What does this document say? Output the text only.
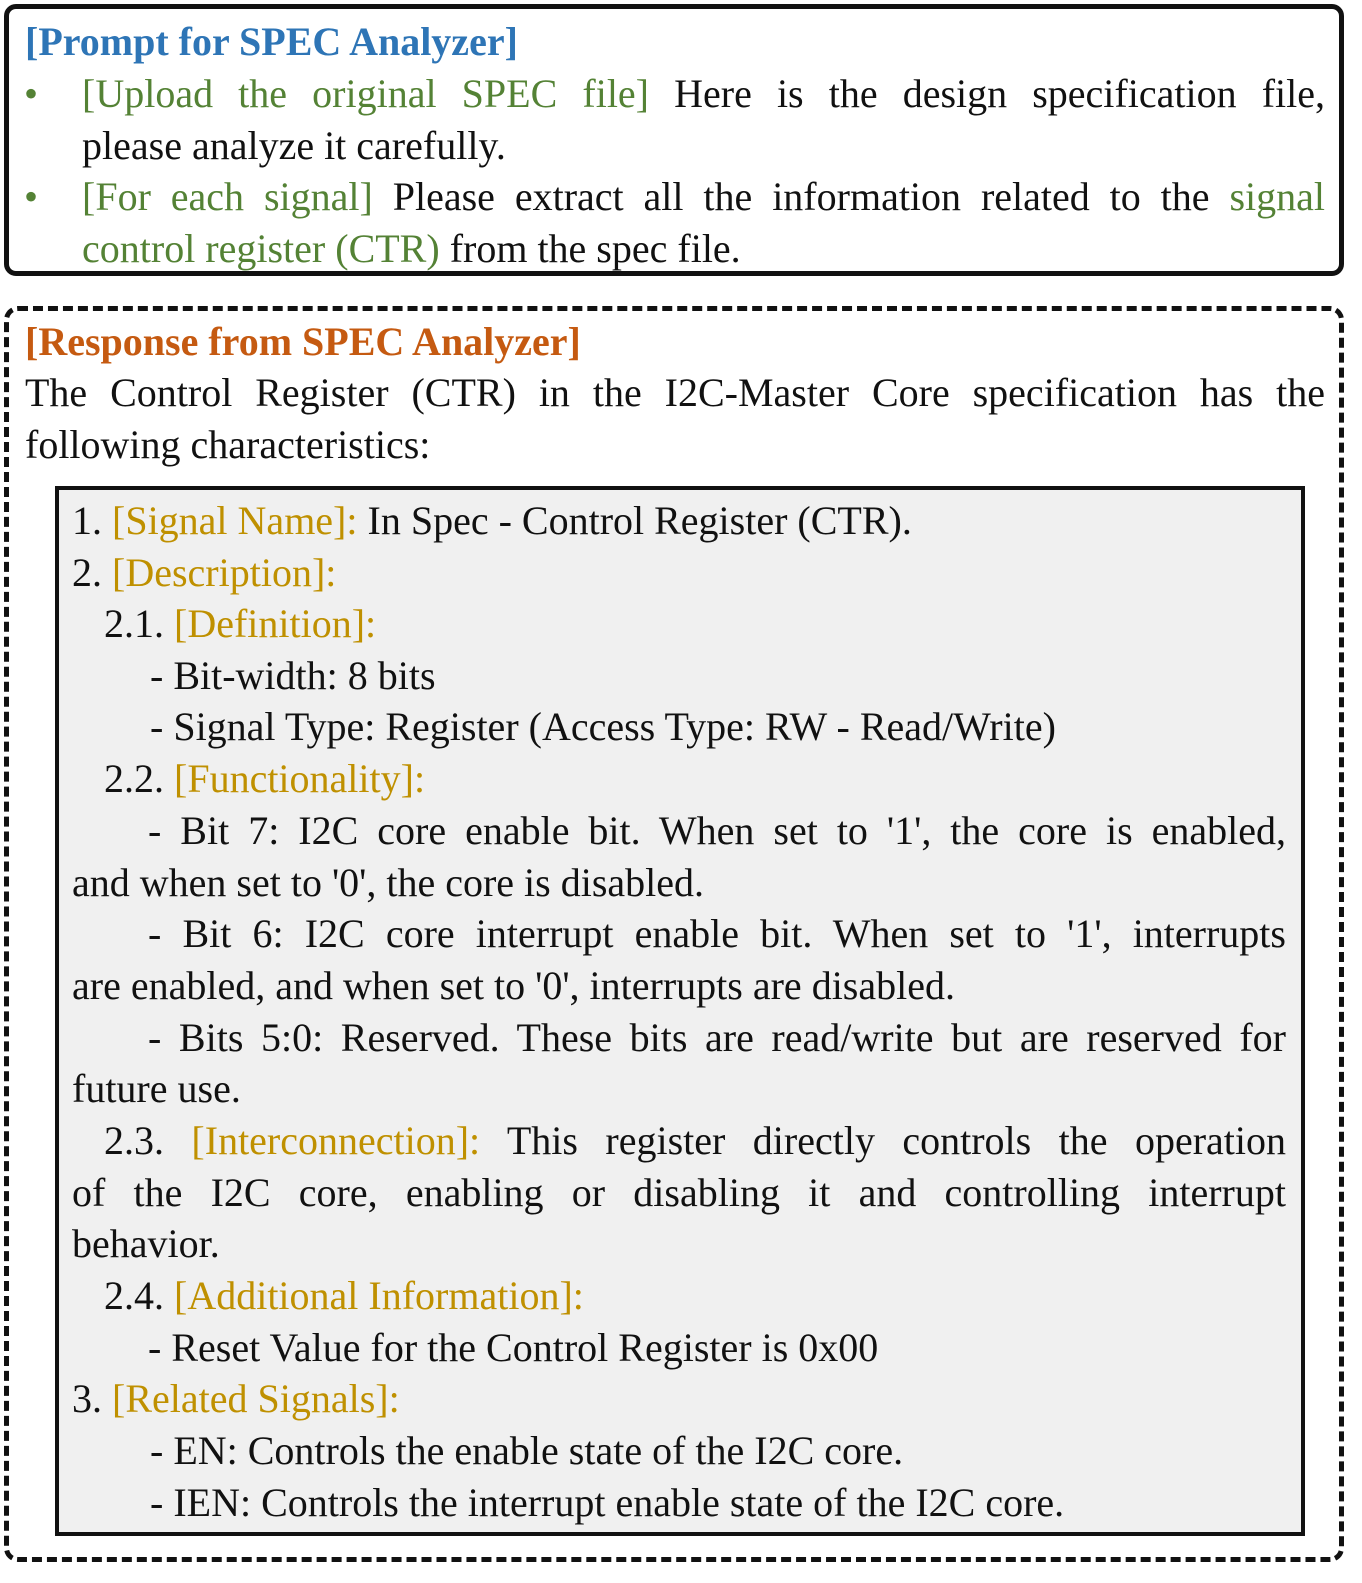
[Prompt for SPEC Analyzer]
• [Upload the original SPEC file] Here is the design specification file,
please analyze it carefully.
• [For each signal] Please extract all the information related to the signal
control register (CTR) from the spec file.
[Response from SPEC Analyzer]
The Control Register (CTR) in the I2C-Master Core specification has the
following characteristics:
1. [Signal Name]: In Spec - Control Register (CTR).
2. [Description]:
2.1. [Definition]:
- Bit-width: 8 bits
- Signal Type: Register (Access Type: RW - Read/Write)
2.2. [Functionality]:
- Bit 7: I2C core enable bit. When set to '1', the core is enabled,
and when set to '0', the core is disabled.
- Bit 6: I2C core interrupt enable bit. When set to '1', interrupts
are enabled, and when set to '0', interrupts are disabled.
- Bits 5:0: Reserved. These bits are read/write but are reserved for
future use.
2.3. [Interconnection]: This register directly controls the operation
of the I2C core, enabling or disabling it and controlling interrupt
behavior.
2.4. [Additional Information]:
- Reset Value for the Control Register is 0x00
3. [Related Signals]:
- EN: Controls the enable state of the I2C core.
- IEN: Controls the interrupt enable state of the I2C core.
